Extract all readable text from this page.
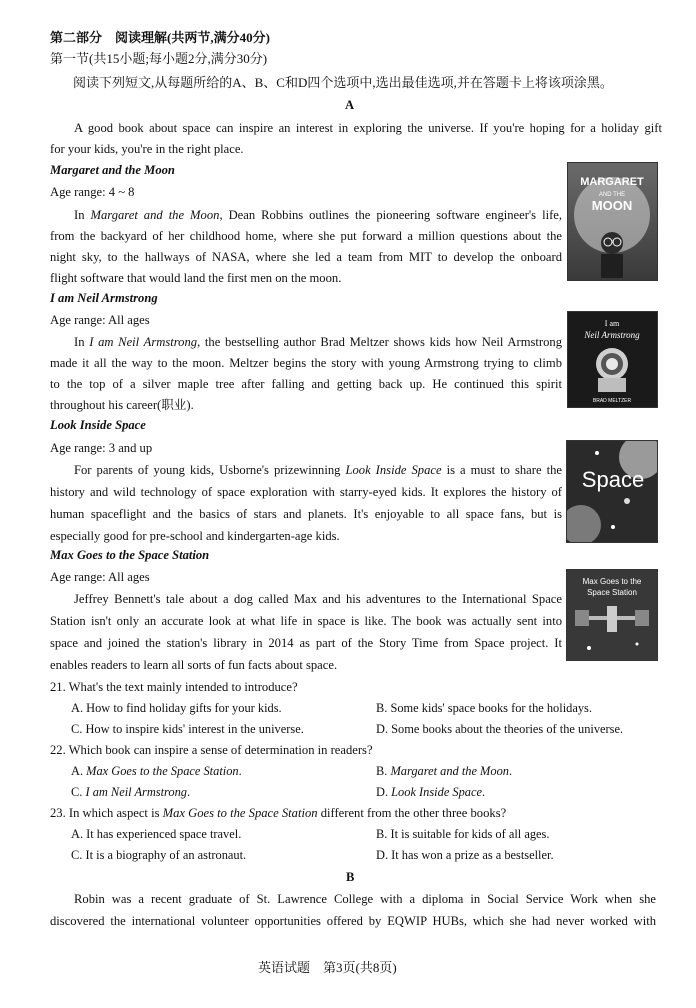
第二部分　阅读理解(共两节,满分40分)
第一节(共15小题;每小题2分,满分30分)
阅读下列短文,从每题所给的A、B、C和D四个选项中,选出最佳选项,并在答题卡上将该项涂黑。
A
A good book about space can inspire an interest in exploring the universe. If you're hoping for a holiday gift
for your kids, you're in the right place.
Margaret and the Moon
Age range: 4 ~ 8
In Margaret and the Moon, Dean Robbins outlines the pioneering software engineer's life,
from the backyard of her childhood home, where she put forward a million questions about the
night sky, to the hallways of NASA, where she led a team from MIT to develop the onboard
flight software that would land the first men on the moon.
MARGARET
AND THE
MOON
I am Neil Armstrong
Age range: All ages
In I am Neil Armstrong, the bestselling author Brad Meltzer shows kids how Neil Armstrong
made it all the way to the moon. Meltzer begins the story with young Armstrong trying to climb
to the top of a silver maple tree after falling and getting back up. He continued this spirit
throughout his career(职业).
I am
Neil Armstrong
BRAD MELTZER
Look Inside Space
Age range: 3 and up
For parents of young kids, Usborne's prizewinning Look Inside Space is a must to share the
history and wild technology of space exploration with starry-eyed kids. It explores the history of
human spaceflight and the basics of stars and planets. It's enjoyable to all space fans, but is
especially good for pre-school and kindergarten-age kids.
Space
Max Goes to the Space Station
Age range: All ages
Jeffrey Bennett's tale about a dog called Max and his adventures to the International Space
Station isn't only an accurate look at what life in space is like. The book was actually sent into
space and joined the station's library in 2014 as part of the Story Time from Space project. It
enables readers to learn all sorts of fun facts about space.
Max Goes to the
Space Station
21. What's the text mainly intended to introduce?
A. How to find holiday gifts for your kids.	B. Some kids' space books for the holidays.
C. How to inspire kids' interest in the universe.	D. Some books about the theories of the universe.
22. Which book can inspire a sense of determination in readers?
A. Max Goes to the Space Station.	B. Margaret and the Moon.
C. I am Neil Armstrong.	D. Look Inside Space.
23. In which aspect is Max Goes to the Space Station different from the other three books?
A. It has experienced space travel.	B. It is suitable for kids of all ages.
C. It is a biography of an astronaut.	D. It has won a prize as a bestseller.
B
Robin was a recent graduate of St. Lawrence College with a diploma in Social Service Work when she
discovered the international volunteer opportunities offered by EQWIP HUBs, which she had never worked with
英语试题　第3页(共8页)
